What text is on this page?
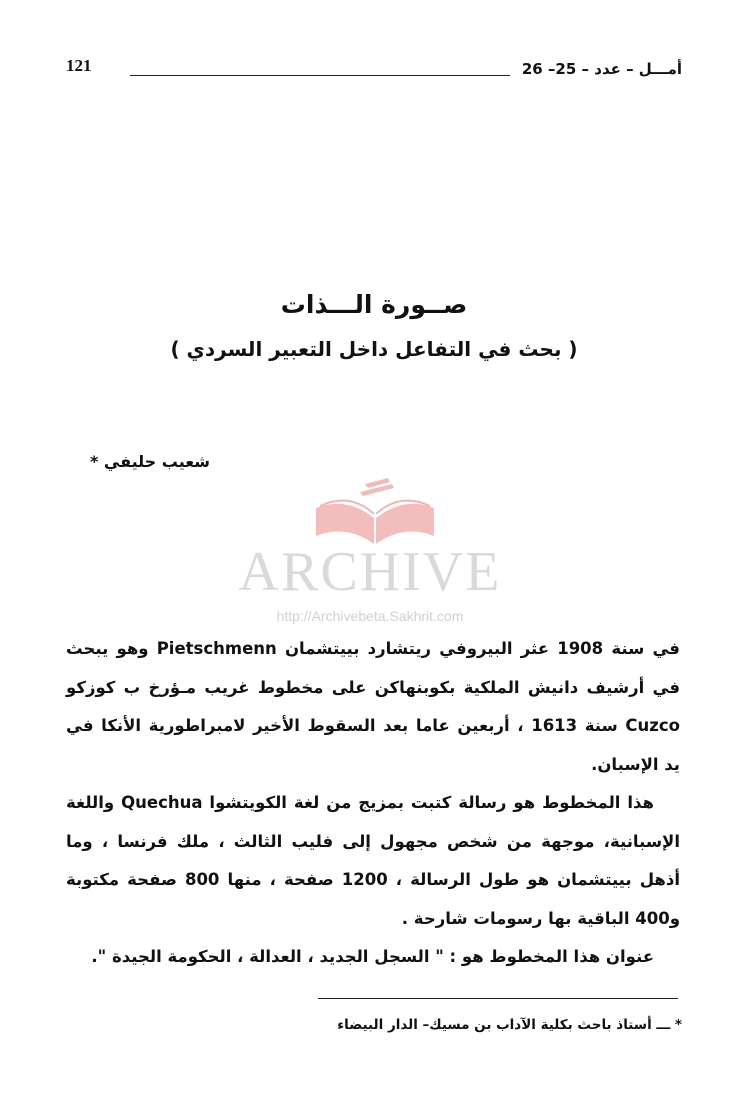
121	أمـــل – عدد – 25– 26
صــورة الـــذات
( بحث في التفاعل داخل التعبير السردي )
شعيب حليفي *
ARCHIVE
http://Archivebeta.Sakhrit.com

في سنة 1908 عثر البيروفي ريتشارد بييتشمان Pietschmenn وهو يبحث في أرشيف دانيش الملكية بكوبنهاكن على مخطوط غريب مـؤرخ ب كوزكو Cuzco سنة 1613 ، أربعين عاما بعد السقوط الأخير لامبراطورية الأنكا في يد الإسبان.

هذا المخطوط هو رسالة كتبت بمزيج من لغة الكويتشوا Quechua واللغة الإسبانية، موجهة من شخص مجهول إلى فليب الثالث ، ملك فرنسا ، وما أذهل بييتشمان هو طول الرسالة ، 1200 صفحة ، منها 800 صفحة مكتوبة و400 الباقية بها رسومات شارحة .

عنوان هذا المخطوط هو : " السجل الجديد ، العدالة ، الحكومة الجيدة ".

* ـــ أستاذ باحث بكلية الآداب بن مسيك– الدار البيضاء
